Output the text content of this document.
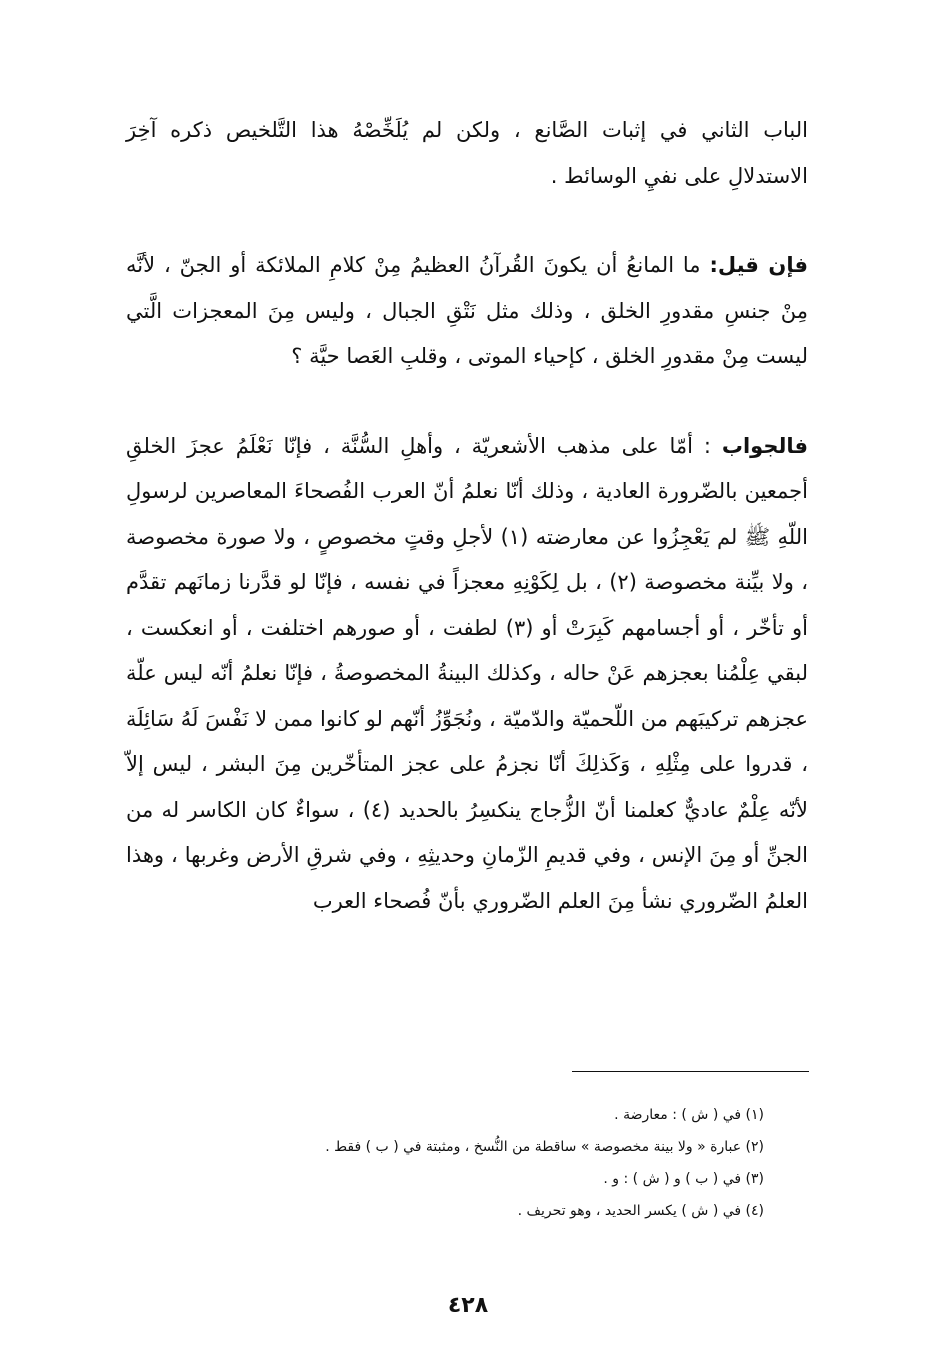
الباب الثاني في إثبات الصَّانع ، ولكن لم يُلَخِّصْهُ هذا التَّلخيص ذكره آخِرَ الاستدلالِ على نفيِ الوسائط .

فإن قيل: ما المانعُ أن يكونَ القُرآنُ العظيمُ مِنْ كلامِ الملائكة أو الجنّ ، لأنَّه مِنْ جنسِ مقدورِ الخلق ، وذلك مثل نَتْقِ الجبال ، وليس مِنَ المعجزات الَّتي ليست مِنْ مقدورِ الخلق ، كإحياء الموتى ، وقلبِ العَصا حيَّة ؟

فالجواب : أمّا على مذهب الأشعريّة ، وأهلِ السُّنَّة ، فإنّا نَعْلَمُ عجزَ الخلقِ أجمعين بالضّرورة العادية ، وذلك أنّا نعلمُ أنّ العرب الفُصحاءَ المعاصرين لرسولِ اللّهِ ﷺ لم يَعْجِزُوا عن معارضته (١) لأجلِ وقتٍ مخصوصٍ ، ولا صورة مخصوصة ، ولا بيِّنة مخصوصة (٢) ، بل لِكَوْنِهِ معجزاً في نفسه ، فإنّا لو قدَّرنا زمانَهم تقدَّم أو تأخّر ، أو أجسامهم كَبِرَتْ أو (٣) لطفت ، أو صورهم اختلفت ، أو انعكست ، لبقي عِلْمُنا بعجزهم عَنْ حاله ، وكذلك البينةُ المخصوصةُ ، فإنّا نعلمُ أنّه ليس علّة عجزهم تركيبَهم من اللّحميّة والدّميّة ، ونُجَوِّزُ أنّهم لو كانوا ممن لا نَفْسَ لَهُ سَائِلَة ، قدروا على مِثْلِهِ ، وَكَذلِكَ أنّا نجزمُ على عجز المتأخّرين مِنَ البشر ، ليس إلاّ لأنّه عِلْمٌ عاديٌّ كعلمنا أنّ الزُّجاج ينكسِرُ بالحديد (٤) ، سواءٌ كان الكاسر له من الجنِّ أو مِنَ الإنس ، وفي قديمِ الزّمانِ وحديثِهِ ، وفي شرقِ الأرض وغربها ، وهذا العلمُ الضّروري نشأ مِنَ العلم الضّروري بأنّ فُصحاء العرب

(١) في ( ش ) : معارضة .
(٢) عبارة « ولا بينة مخصوصة » ساقطة من النُّسخ ، ومثبتة في ( ب ) فقط .
(٣) في ( ب ) و ( ش ) : و .
(٤) في ( ش ) يكسر الحديد ، وهو تحريف .
٤٢٨
